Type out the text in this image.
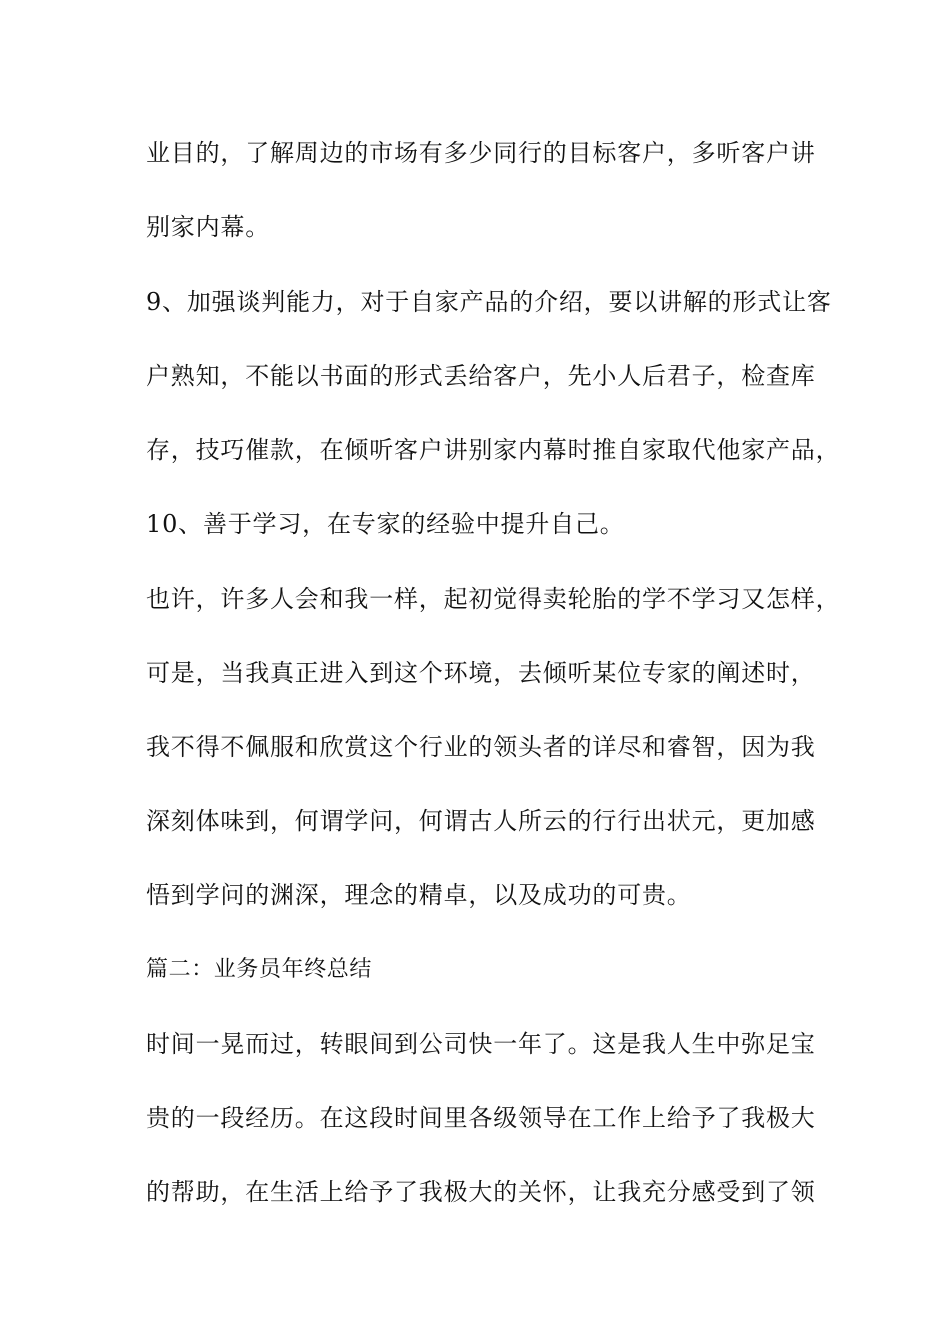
业目的，了解周边的市场有多少同行的目标客户，多听客户讲
别家内幕。
9、加强谈判能力，对于自家产品的介绍，要以讲解的形式让客
户熟知，不能以书面的形式丢给客户，先小人后君子，检查库
存，技巧催款，在倾听客户讲别家内幕时推自家取代他家产品，
10、善于学习，在专家的经验中提升自己。
也许，许多人会和我一样，起初觉得卖轮胎的学不学习又怎样，
可是，当我真正进入到这个环境，去倾听某位专家的阐述时，
我不得不佩服和欣赏这个行业的领头者的详尽和睿智，因为我
深刻体味到，何谓学问，何谓古人所云的行行出状元，更加感
悟到学问的渊深，理念的精卓，以及成功的可贵。
篇二：业务员年终总结
时间一晃而过，转眼间到公司快一年了。这是我人生中弥足宝
贵的一段经历。在这段时间里各级领导在工作上给予了我极大
的帮助，在生活上给予了我极大的关怀，让我充分感受到了领
